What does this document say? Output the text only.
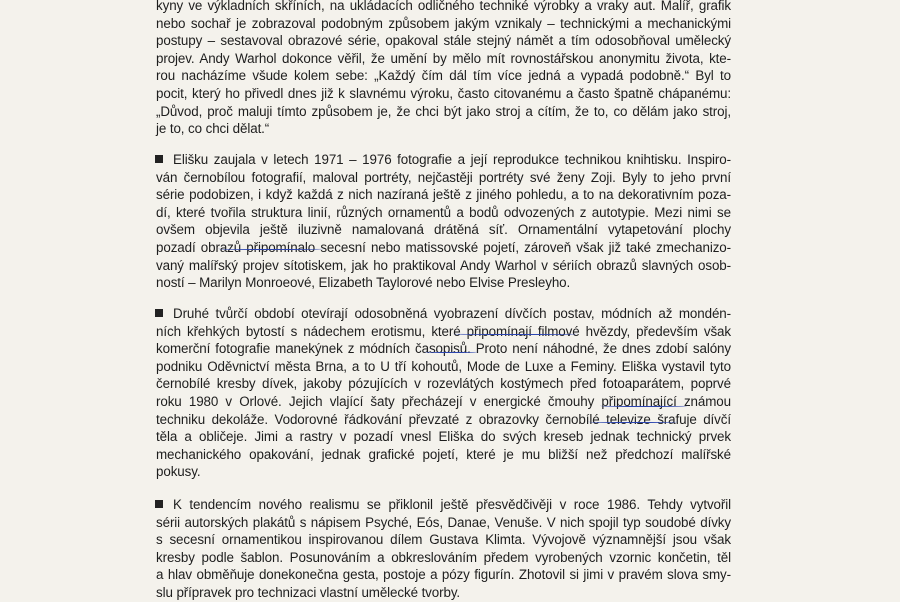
kyny ve výkladních skříních, na ukládacích odličného techniké výrobky a vraky aut. Malíř, grafik
nebo sochař je zobrazoval podobným způsobem jakým vznikaly – technickými a mechanickými
postupy – sestavoval obrazové série, opakoval stále stejný námět a tím odosobňoval umělecký
projev. Andy Warhol dokonce věřil, že umění by mělo mít rovnostářskou anonymitu života, kte-
rou nacházíme všude kolem sebe: „Každý čím dál tím více jedná a vypadá podobně.“ Byl to
pocit, který ho přivedl dnes již k slavnému výroku, často citovanému a často špatně chápanému:
„Důvod, proč maluji tímto způsobem je, že chci být jako stroj a cítím, že to, co dělám jako stroj,
je to, co chci dělat.“
Elišku zaujala v letech 1971 – 1976 fotografie a její reprodukce technikou knihtisku. Inspiro-
ván černobílou fotografií, maloval portréty, nejčastěji portréty své ženy Zoji. Byly to jeho první
série podobizen, i když každá z nich nazíraná ještě z jiného pohledu, a to na dekorativním poza-
dí, které tvořila struktura linií, různých ornamentů a bodů odvozených z autotypie. Mezi nimi se
ovšem objevila ještě iluzivně namalovaná drátěná síť. Ornamentální vytapetování plochy
pozadí obrazů připomínalo secesní nebo matissovské pojetí, zároveň však již také zmechanizo-
vaný malířský projev sítotiskem, jak ho praktikoval Andy Warhol v sériích obrazů slavných osob-
ností – Marilyn Monroeové, Elizabeth Taylorové nebo Elvise Presleyho.
Druhé tvůrčí období otevírají odosobněná vyobrazení dívčích postav, módních až mondén-
ních křehkých bytostí s nádechem erotismu, které připomínají filmové hvězdy, především však
komerční fotografie manekýnek z módních časopisů. Proto není náhodné, že dnes zdobí salóny
podniku Oděvnictví města Brna, a to U tří kohoutů, Mode de Luxe a Feminy. Eliška vystavil tyto
černobílé kresby dívek, jakoby pózujících v rozevlátých kostýmech před fotoaparátem, poprvé
roku 1980 v Orlové. Jejich vlající šaty přecházejí v energické čmouhy připomínající známou
techniku dekoláže. Vodorovné řádkování převzaté z obrazovky černobílé televize šrafuje dívčí
těla a obličeje. Jimi a rastry v pozadí vnesl Eliška do svých kreseb jednak technický prvek
mechanického opakování, jednak grafické pojetí, které je mu bližší než předchozí malířské
pokusy.
K tendencím nového realismu se přiklonil ještě přesvědčivěji v roce 1986. Tehdy vytvořil
sérii autorských plakátů s nápisem Psyché, Eós, Danae, Venuše. V nich spojil typ soudobé dívky
s secesní ornamentikou inspirovanou dílem Gustava Klimta. Vývojově významnější jsou však
kresby podle šablon. Posunováním a obkreslováním předem vyrobených vzornic končetin, těl
a hlav obměňuje donekonečna gesta, postoje a pózy figurín. Zhotovil si jimi v pravém slova smy-
slu přípravek pro technizaci vlastní umělecké tvorby.
